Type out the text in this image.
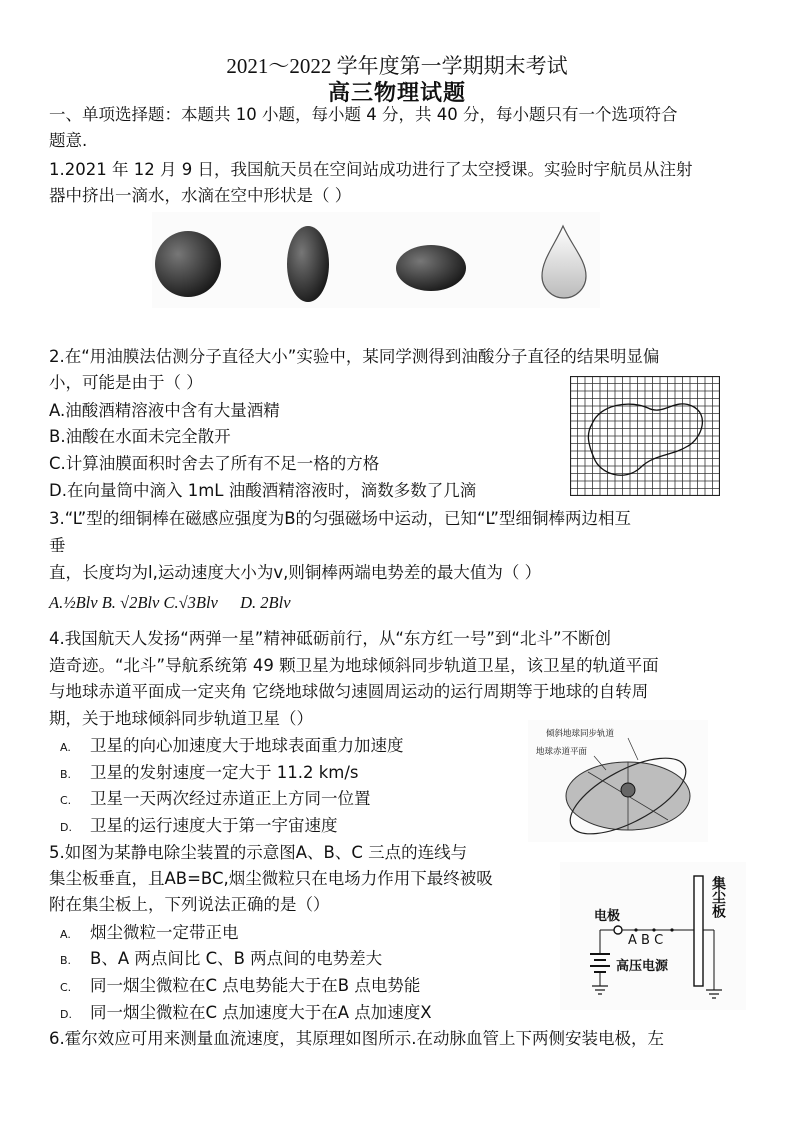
2021～2022 学年度第一学期期末考试
高三物理试题
一、单项选择题：本题共 10 小题，每小题 4 分，共 40 分，每小题只有一个选项符合
题意.
1.2021 年 12 月 9 日，我国航天员在空间站成功进行了太空授课。实验时宇航员从注射
器中挤出一滴水，水滴在空中形状是（ ）
2.在“用油膜法估测分子直径大小”实验中，某同学测得到油酸分子直径的结果明显偏
小，可能是由于（ ）
A.油酸酒精溶液中含有大量酒精
B.油酸在水面未完全散开
C.计算油膜面积时舍去了所有不足一格的方格
D.在向量筒中滴入 1mL 油酸酒精溶液时，滴数多数了几滴
3.“L”型的细铜棒在磁感应强度为B的匀强磁场中运动，已知“L”型细铜棒两边相互
垂
直，长度均为l,运动速度大小为v,则铜棒两端电势差的最大值为（ ）
A.½Blv B. √2Blv C.√3Blv D. 2Blv
4.我国航天人发扬“两弹一星”精神砥砺前行，从“东方红一号”到“北斗”不断创
造奇迹。“北斗”导航系统第 49 颗卫星为地球倾斜同步轨道卫星，该卫星的轨道平面
与地球赤道平面成一定夹角 它绕地球做匀速圆周运动的运行周期等于地球的自转周
期，关于地球倾斜同步轨道卫星（）
A. 卫星的向心加速度大于地球表面重力加速度
B. 卫星的发射速度一定大于 11.2 km/s
C. 卫星一天两次经过赤道正上方同一位置
D. 卫星的运行速度大于第一宇宙速度
倾斜地球同步轨道
地球赤道平面
5.如图为某静电除尘装置的示意图A、B、C 三点的连线与
集尘板垂直，且AB=BC,烟尘微粒只在电场力作用下最终被吸
附在集尘板上，下列说法正确的是（）
A. 烟尘微粒一定带正电
B. B、A 两点间比 C、B 两点间的电势差大
C. 同一烟尘微粒在C 点电势能大于在B 点电势能
D. 同一烟尘微粒在C 点加速度大于在A 点加速度X
集尘板
电极
A B C
高压电源
6.霍尔效应可用来测量血流速度，其原理如图所示.在动脉血管上下两侧安装电极，左
